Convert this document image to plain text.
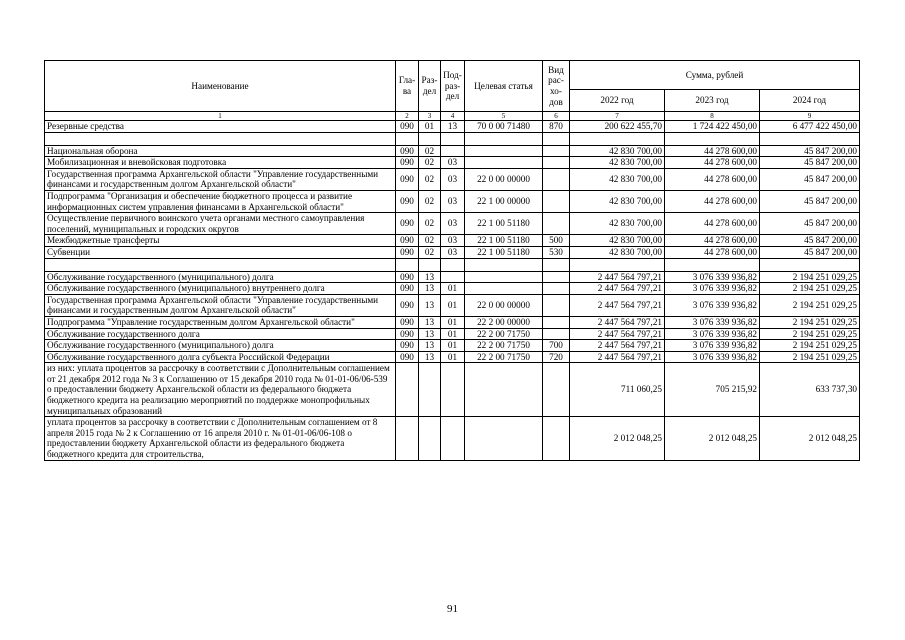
Наименование	Гла-ва	Раз-дел	Под-раз-дел	Целевая статья	Вид рас-хо-дов	Сумма, рублей		
						2022 год	2023 год	2024 год
1	2	3	4	5	6	7	8	9
Резервные средства	090	01	13	70 0 00 71480	870	200 622 455,70	1 724 422 450,00	6 477 422 450,00

Национальная оборона	090	02				42 830 700,00	44 278 600,00	45 847 200,00
Мобилизационная и вневойсковая подготовка	090	02	03			42 830 700,00	44 278 600,00	45 847 200,00
Государственная программа Архангельской области "Управление государственными финансами и государственным долгом Архангельской области"	090	02	03	22 0 00 00000		42 830 700,00	44 278 600,00	45 847 200,00
Подпрограмма "Организация и обеспечение бюджетного процесса и развитие информационных систем управления финансами в Архангельской области"	090	02	03	22 1 00 00000		42 830 700,00	44 278 600,00	45 847 200,00
Осуществление первичного воинского учета органами местного самоуправления поселений, муниципальных и городских округов	090	02	03	22 1 00 51180		42 830 700,00	44 278 600,00	45 847 200,00
Межбюджетные трансферты	090	02	03	22 1 00 51180	500	42 830 700,00	44 278 600,00	45 847 200,00
Субвенции	090	02	03	22 1 00 51180	530	42 830 700,00	44 278 600,00	45 847 200,00

Обслуживание государственного (муниципального) долга	090	13				2 447 564 797,21	3 076 339 936,82	2 194 251 029,25
Обслуживание государственного (муниципального) внутреннего долга	090	13	01			2 447 564 797,21	3 076 339 936,82	2 194 251 029,25
Государственная программа Архангельской области "Управление государственными финансами и государственным долгом Архангельской области"	090	13	01	22 0 00 00000		2 447 564 797,21	3 076 339 936,82	2 194 251 029,25
Подпрограмма "Управление государственным долгом Архангельской области"	090	13	01	22 2 00 00000		2 447 564 797,21	3 076 339 936,82	2 194 251 029,25
Обслуживание государственного долга	090	13	01	22 2 00 71750		2 447 564 797,21	3 076 339 936,82	2 194 251 029,25
Обслуживание государственного (муниципального) долга	090	13	01	22 2 00 71750	700	2 447 564 797,21	3 076 339 936,82	2 194 251 029,25
Обслуживание государственного долга субъекта Российской Федерации	090	13	01	22 2 00 71750	720	2 447 564 797,21	3 076 339 936,82	2 194 251 029,25
из них: уплата процентов за рассрочку в соответствии с Дополнительным соглашением от 21 декабря 2012 года № 3 к Соглашению от 15 декабря 2010 года № 01-01-06/06-539 о предоставлении бюджету Архангельской области из федерального бюджета бюджетного кредита на реализацию мероприятий по поддержке монопрофильных муниципальных образований						711 060,25	705 215,92	633 737,30
уплата процентов за рассрочку в соответствии с Дополнительным соглашением от 8 апреля 2015 года № 2 к Соглашению от 16 апреля 2010 г. № 01-01-06/06-108 о предоставлении бюджету Архангельской области из федерального бюджета бюджетного кредита для строительства,						2 012 048,25	2 012 048,25	2 012 048,25
91
